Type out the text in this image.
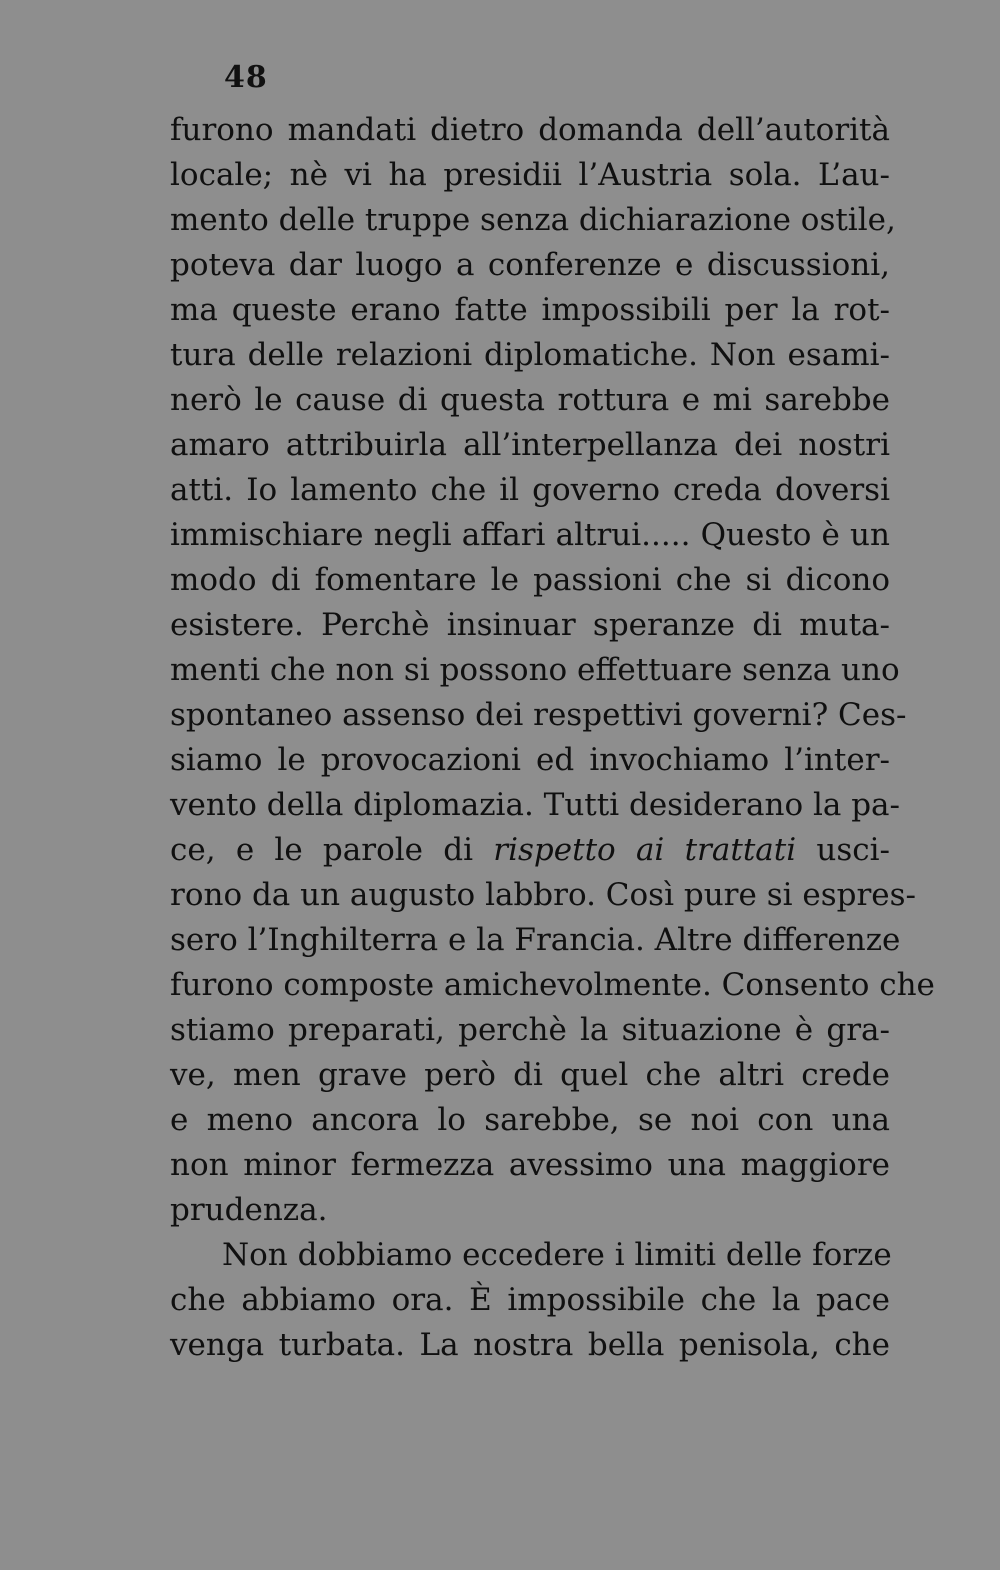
48
furono mandati dietro domanda dell’autorità
locale; nè vi ha presidii l’Austria sola. L’au-
mento delle truppe senza dichiarazione ostile,
poteva dar luogo a conferenze e discussioni,
ma queste erano fatte impossibili per la rot-
tura delle relazioni diplomatiche. Non esami-
nerò le cause di questa rottura e mi sarebbe
amaro attribuirla all’interpellanza dei nostri
atti. Io lamento che il governo creda doversi
immischiare negli affari altrui..... Questo è un
modo di fomentare le passioni che si dicono
esistere. Perchè insinuar speranze di muta-
menti che non si possono effettuare senza uno
spontaneo assenso dei respettivi governi? Ces-
siamo le provocazioni ed invochiamo l’inter-
vento della diplomazia. Tutti desiderano la pa-
ce, e le parole di rispetto ai trattati usci-
rono da un augusto labbro. Così pure si espres-
sero l’Inghilterra e la Francia. Altre differenze
furono composte amichevolmente. Consento che
stiamo preparati, perchè la situazione è gra-
ve, men grave però di quel che altri crede
e meno ancora lo sarebbe, se noi con una
non minor fermezza avessimo una maggiore
prudenza.
Non dobbiamo eccedere i limiti delle forze
che abbiamo ora. È impossibile che la pace
venga turbata. La nostra bella penisola, che
